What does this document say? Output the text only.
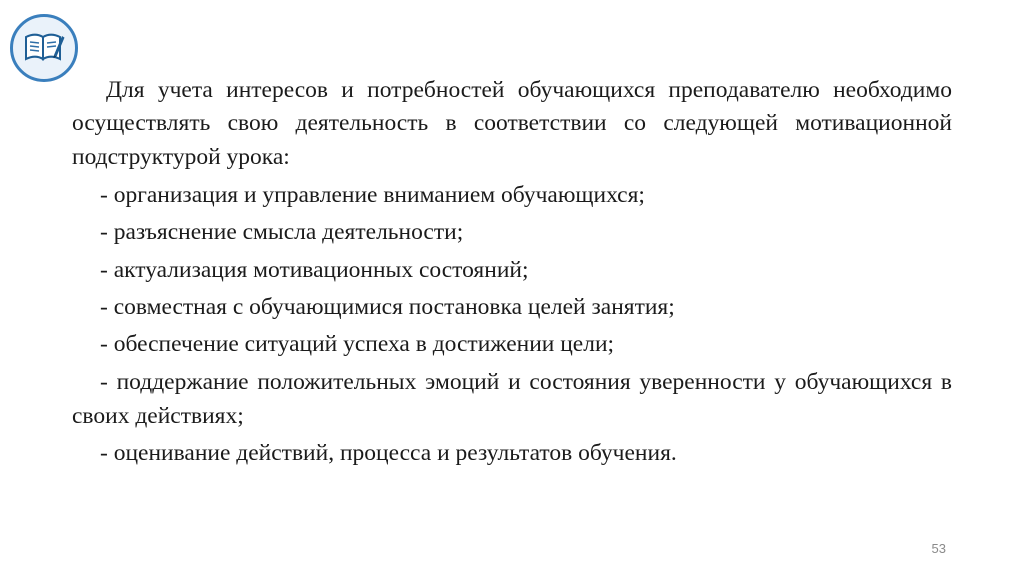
Для учета интересов и потребностей обучающихся преподавателю необходимо осуществлять свою деятельность в соответствии со следующей мотивационной подструктурой урока:

- организация и управление вниманием обучающихся;
- разъяснение смысла деятельности;
- актуализация мотивационных состояний;
- совместная с обучающимися постановка целей занятия;
- обеспечение ситуаций успеха в достижении цели;
- поддержание положительных эмоций и состояния уверенности у обучающихся в своих действиях;
- оценивание действий, процесса и результатов обучения.
53
